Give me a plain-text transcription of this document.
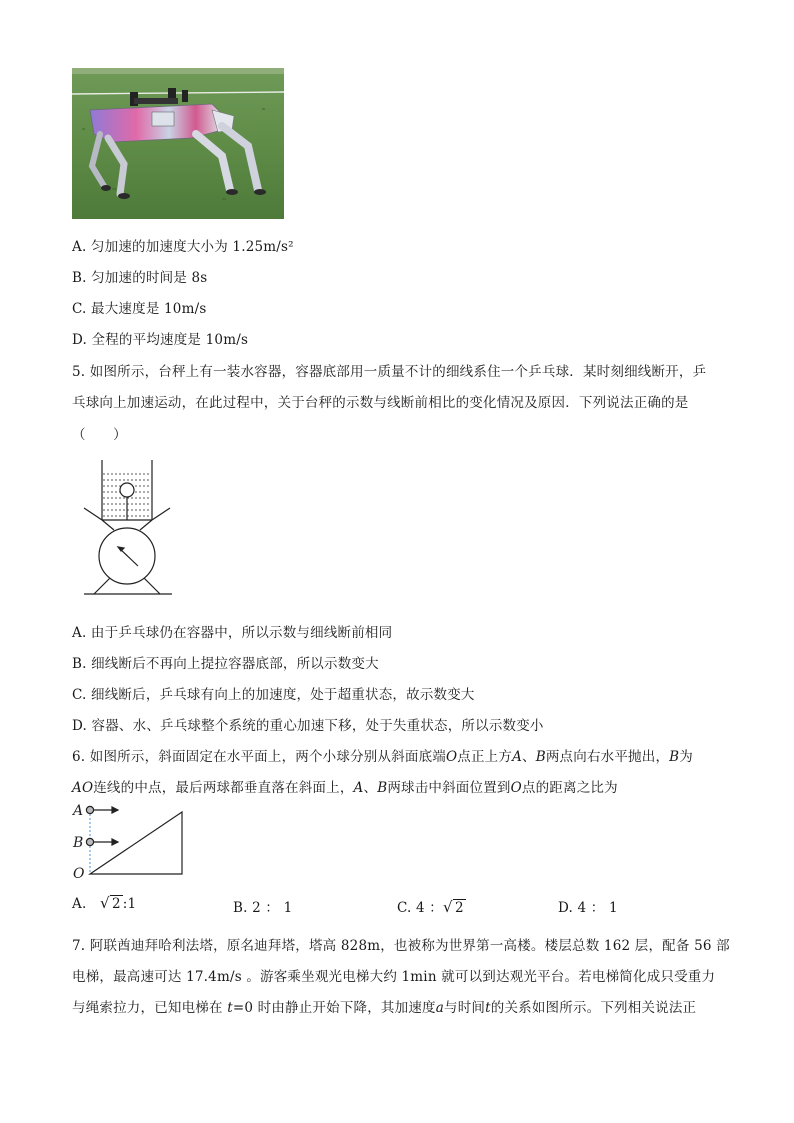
A. 匀加速的加速度大小为 1.25m/s²
B. 匀加速的时间是 8s
C. 最大速度是 10m/s
D. 全程的平均速度是 10m/s
5. 如图所示，台秤上有一装水容器，容器底部用一质量不计的细线系住一个乒乓球．某时刻细线断开，乒
乓球向上加速运动，在此过程中，关于台秤的示数与线断前相比的变化情况及原因．下列说法正确的是
（　　）
A. 由于乒乓球仍在容器中，所以示数与细线断前相同
B. 细线断后不再向上提拉容器底部，所以示数变大
C. 细线断后，乒乓球有向上的加速度，处于超重状态，故示数变大
D. 容器、水、乒乓球整个系统的重心加速下移，处于失重状态，所以示数变小
6. 如图所示，斜面固定在水平面上，两个小球分别从斜面底端O点正上方A、B两点向右水平抛出，B为
AO连线的中点，最后两球都垂直落在斜面上，A、B两球击中斜面位置到O点的距离之比为
A
B
O
A. √ 2 :1	B. 2 ： 1	C. 4 ： √ 2	D. 4 ： 1
7. 阿联酋迪拜哈利法塔，原名迪拜塔，塔高 828m，也被称为世界第一高楼。楼层总数 162 层，配备 56 部
电梯，最高速可达 17.4m/s 。游客乘坐观光电梯大约 1min 就可以到达观光平台。若电梯简化成只受重力
与绳索拉力，已知电梯在 t=0 时由静止开始下降，其加速度a与时间t的关系如图所示。下列相关说法正
